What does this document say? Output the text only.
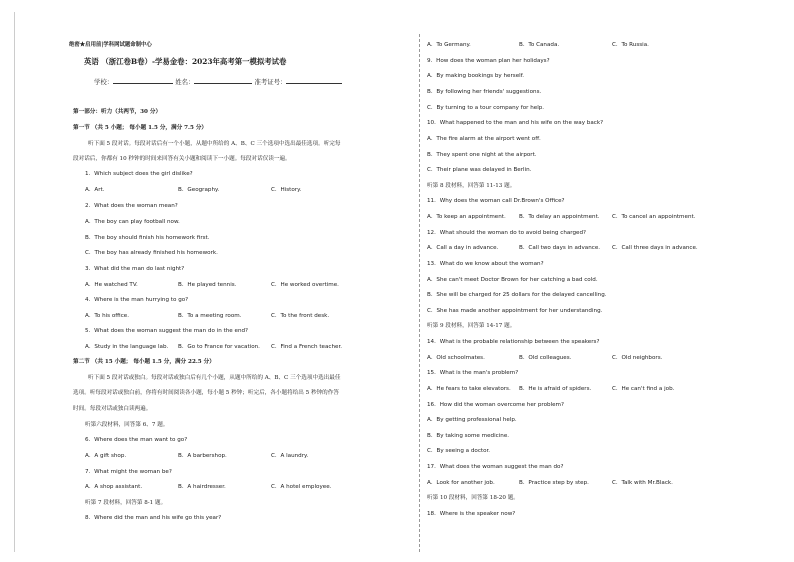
绝密★启用前|学科网试题命制中心
英语 （浙江卷B卷）-学易金卷：2023年高考第一模拟考试卷
学校：	姓名：	准考证号：
第一部分：听力（共两节，30 分）
第一节 （共 5 小题； 每小题 1.5 分，满分 7.5 分）
听下面 5 段对话。每段对话后有一个小题，从题中所给的 A、B、C 三个选项中选出最佳选项。听完每
段对话后，你都有 10 秒钟的时间来回答有关小题和阅读下一小题。每段对话仅读一遍。
1．Which subject does the girl dislike?
A．Art.	B．Geography.	C．History.
2．What does the woman mean?
A．The boy can play football now.
B．The boy should finish his homework first.
C．The boy has already finished his homework.
3．What did the man do last night?
A．He watched TV.	B．He played tennis.	C．He worked overtime.
4．Where is the man hurrying to go?
A．To his office.	B．To a meeting room.	C．To the front desk.
5．What does the woman suggest the man do in the end?
A．Study in the language lab. B．Go to France for vacation. C．Find a French teacher.
第二节 （共 15 小题； 每小题 1.5 分，满分 22.5 分）
听下面 5 段对话或独白。每段对话或独白后有几个小题，从题中所给的 A、B、C 三个选项中选出最佳
选项。听每段对话或独白前，你将有时间阅读各小题，每小题 5 秒钟；听完后，各小题将给出 5 秒钟的作答
时间。每段对话或独白读两遍。
听第六段材料，回答第 6、7 题。
6．Where does the man want to go?
A．A gift shop.	B．A barbershop.	C．A laundry.
7．What might the woman be?
A．A shop assistant.	B．A hairdresser.	C．A hotel employee.
听第 7 段材料，回答第 8-1 题。
8．Where did the man and his wife go this year?
A．To Germany.	B．To Canada.	C．To Russia.
9．How does the woman plan her holidays?
A．By making bookings by herself.
B．By following her friends' suggestions.
C．By turning to a tour company for help.
10．What happened to the man and his wife on the way back?
A．The fire alarm at the airport went off.
B．They spent one night at the airport.
C．Their plane was delayed in Berlin.
听第 8 段材料，回答第 11-13 题。
11．Why does the woman call Dr.Brown's Office?
A．To keep an appointment. B．To delay an appointment. C．To cancel an appointment.
12．What should the woman do to avoid being charged?
A．Call a day in advance.	B．Call two days in advance. C．Call three days in advance.
13．What do we know about the woman?
A．She can't meet Doctor Brown for her catching a bad cold.
B．She will be charged for 25 dollars for the delayed cancelling.
C．She has made another appointment for her understanding.
听第 9 段材料，回答第 14-17 题。
14．What is the probable relationship between the speakers?
A．Old schoolmates.	B．Old colleagues.	C．Old neighbors.
15．What is the man's problem?
A．He fears to take elevators. B．He is afraid of spiders.	C．He can't find a job.
16．How did the woman overcome her problem?
A．By getting professional help.
B．By taking some medicine.
C．By seeing a doctor.
17．What does the woman suggest the man do?
A．Look for another job.	B．Practice step by step.	C．Talk with Mr.Black.
听第 10 段材料，回答第 18-20 题。
18．Where is the speaker now?
